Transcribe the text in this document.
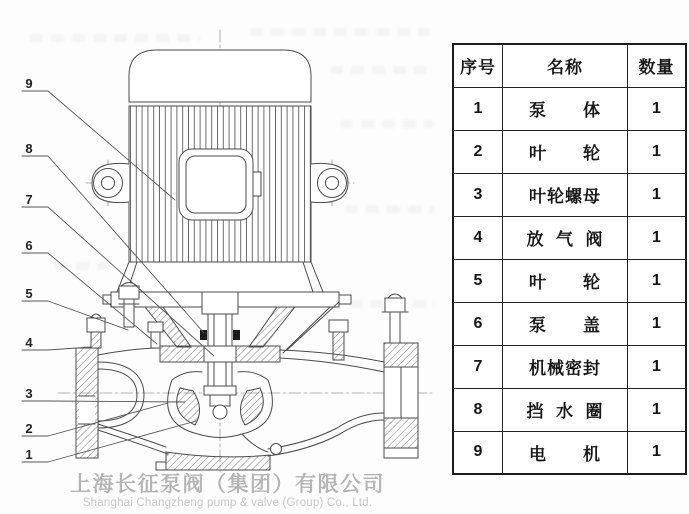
9
8
7
6
5
4
3
2
1
序号	名称	数量
1	泵　　体	1
2	叶　　轮	1
3	叶轮螺母	1
4	放  气  阀	1
5	叶　　轮	1
6	泵　　盖	1
7	机械密封	1
8	挡  水  圈	1
9	电　　机	1
上海长征泵阀（集团）有限公司
Shanghai Changzheng pump & valve (Group) Co., Ltd.
